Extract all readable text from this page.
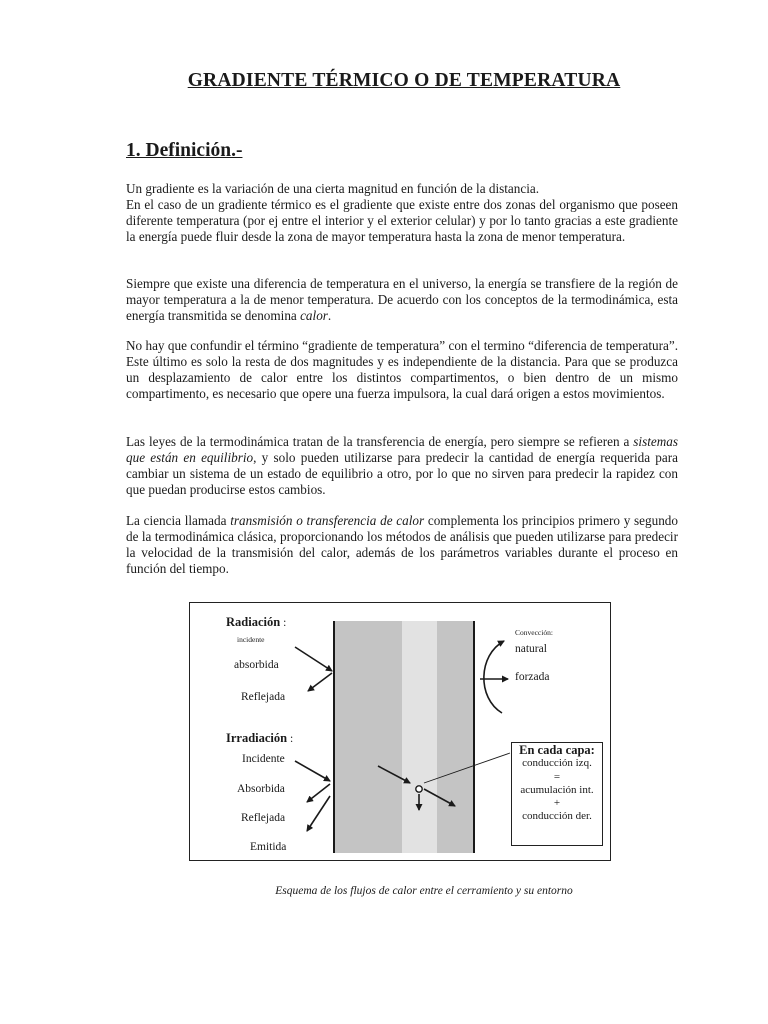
GRADIENTE TÉRMICO O DE TEMPERATURA
1. Definición.-
Un gradiente es la variación de una cierta magnitud en función de la distancia.
En el caso de un gradiente térmico es el gradiente que existe entre dos zonas del organismo que poseen diferente temperatura (por ej entre el interior y el exterior celular) y por lo tanto gracias a este gradiente la energía puede fluir desde la zona de mayor temperatura hasta la zona de menor temperatura.
Siempre que existe una diferencia de temperatura en el universo, la energía se transfiere de la región de mayor temperatura a la de menor temperatura. De acuerdo con los conceptos de la termodinámica, esta energía transmitida se denomina calor.
No hay que confundir el término “gradiente de temperatura” con el termino “diferencia de temperatura”. Este último es solo la resta de dos magnitudes y es independiente de la distancia. Para que se produzca un desplazamiento de calor entre los distintos compartimentos, o bien dentro de un mismo compartimento, es necesario que opere una fuerza impulsora, la cual dará origen a estos movimientos.
Las leyes de la termodinámica tratan de la transferencia de energía, pero siempre se refieren a sistemas que están en equilibrio, y solo pueden utilizarse para predecir la cantidad de energía requerida para cambiar un sistema de un estado de equilibrio a otro, por lo que no sirven para predecir la rapidez con que puedan producirse estos cambios.
La ciencia llamada transmisión o transferencia de calor complementa los principios primero y segundo de la termodinámica clásica, proporcionando los métodos de análisis que pueden utilizarse para predecir la velocidad de la transmisión del calor, además de los parámetros variables durante el proceso en función del tiempo.
Radiación :
incidente
absorbida
Reflejada
Irradiación :
Incidente
Absorbida
Reflejada
Emitida
Convección:
natural
forzada
En cada capa:
conducción izq.
=
acumulación int.
+
conducción der.
Esquema de los flujos de calor entre el cerramiento y su entorno
